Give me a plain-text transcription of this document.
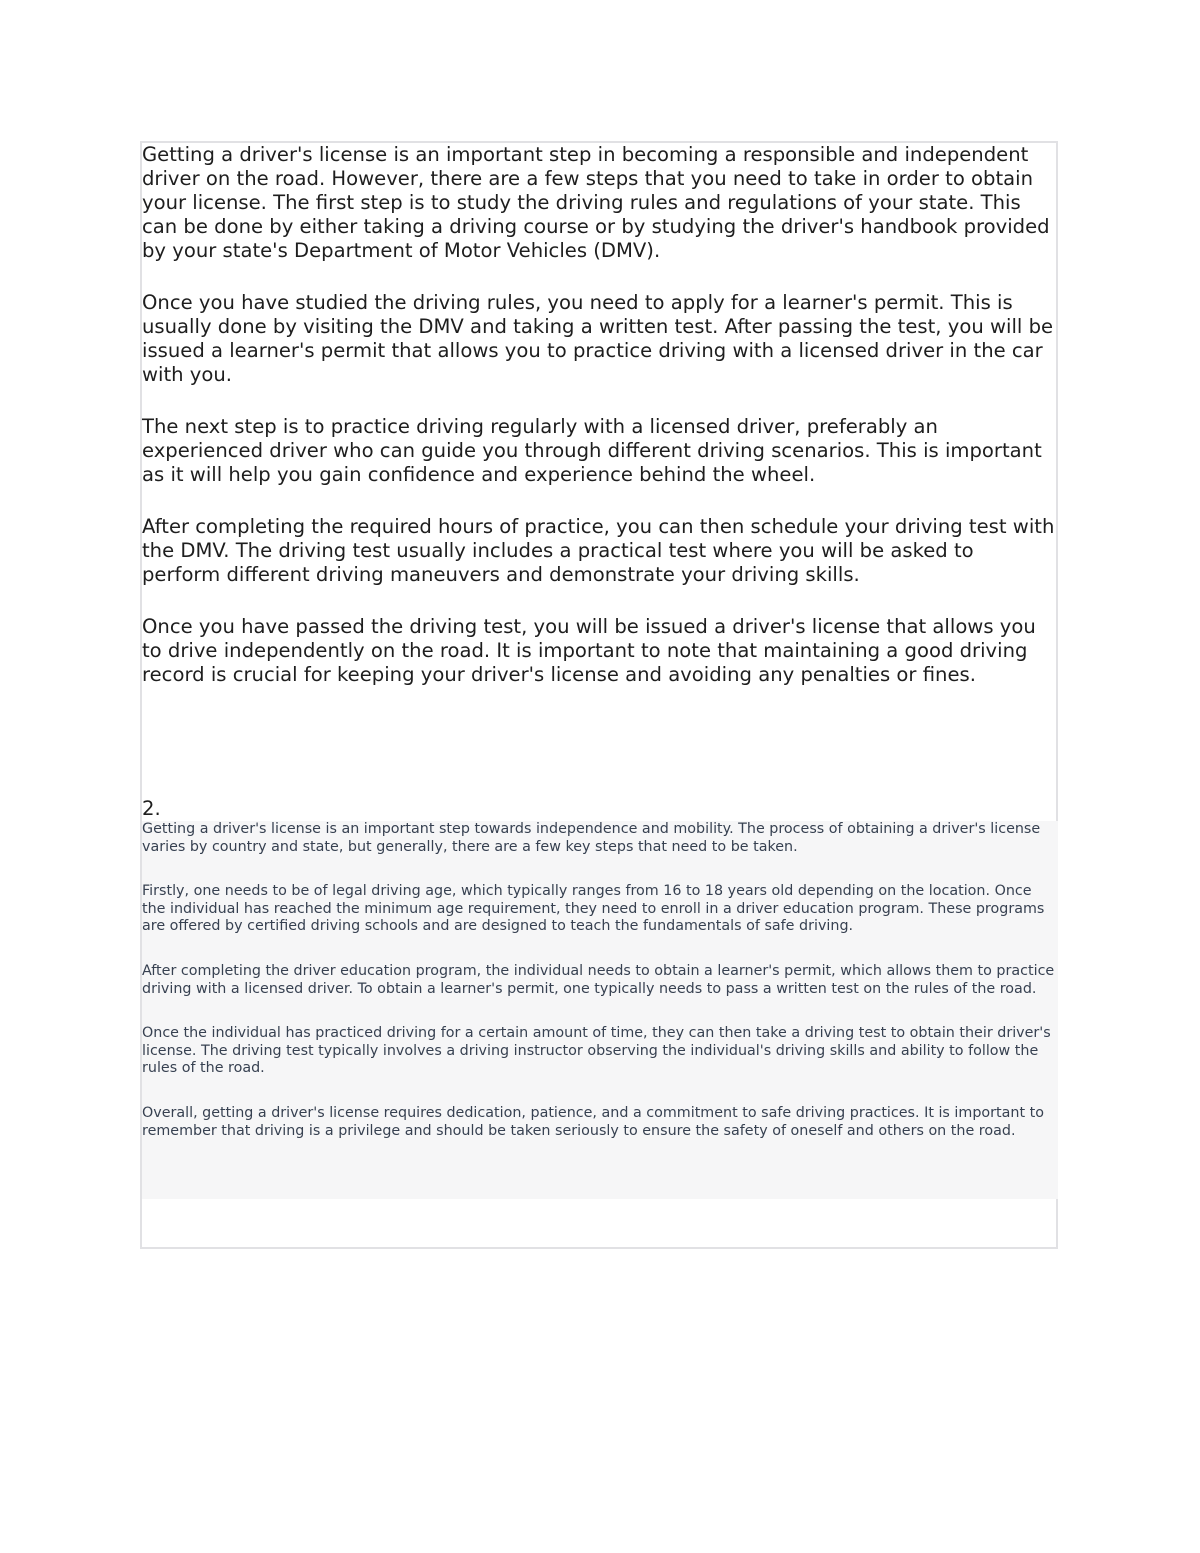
Getting a driver's license is an important step in becoming a responsible and independent driver on the road. However, there are a few steps that you need to take in order to obtain your license. The first step is to study the driving rules and regulations of your state. This can be done by either taking a driving course or by studying the driver's handbook provided by your state's Department of Motor Vehicles (DMV).

Once you have studied the driving rules, you need to apply for a learner's permit. This is usually done by visiting the DMV and taking a written test. After passing the test, you will be issued a learner's permit that allows you to practice driving with a licensed driver in the car with you.

The next step is to practice driving regularly with a licensed driver, preferably an experienced driver who can guide you through different driving scenarios. This is important as it will help you gain confidence and experience behind the wheel.

After completing the required hours of practice, you can then schedule your driving test with the DMV. The driving test usually includes a practical test where you will be asked to perform different driving maneuvers and demonstrate your driving skills.

Once you have passed the driving test, you will be issued a driver's license that allows you to drive independently on the road. It is important to note that maintaining a good driving record is crucial for keeping your driver's license and avoiding any penalties or fines.

2.

Getting a driver's license is an important step towards independence and mobility. The process of obtaining a driver's license varies by country and state, but generally, there are a few key steps that need to be taken.

Firstly, one needs to be of legal driving age, which typically ranges from 16 to 18 years old depending on the location. Once the individual has reached the minimum age requirement, they need to enroll in a driver education program. These programs are offered by certified driving schools and are designed to teach the fundamentals of safe driving.

After completing the driver education program, the individual needs to obtain a learner's permit, which allows them to practice driving with a licensed driver. To obtain a learner's permit, one typically needs to pass a written test on the rules of the road.

Once the individual has practiced driving for a certain amount of time, they can then take a driving test to obtain their driver's license. The driving test typically involves a driving instructor observing the individual's driving skills and ability to follow the rules of the road.

Overall, getting a driver's license requires dedication, patience, and a commitment to safe driving practices. It is important to remember that driving is a privilege and should be taken seriously to ensure the safety of oneself and others on the road.
